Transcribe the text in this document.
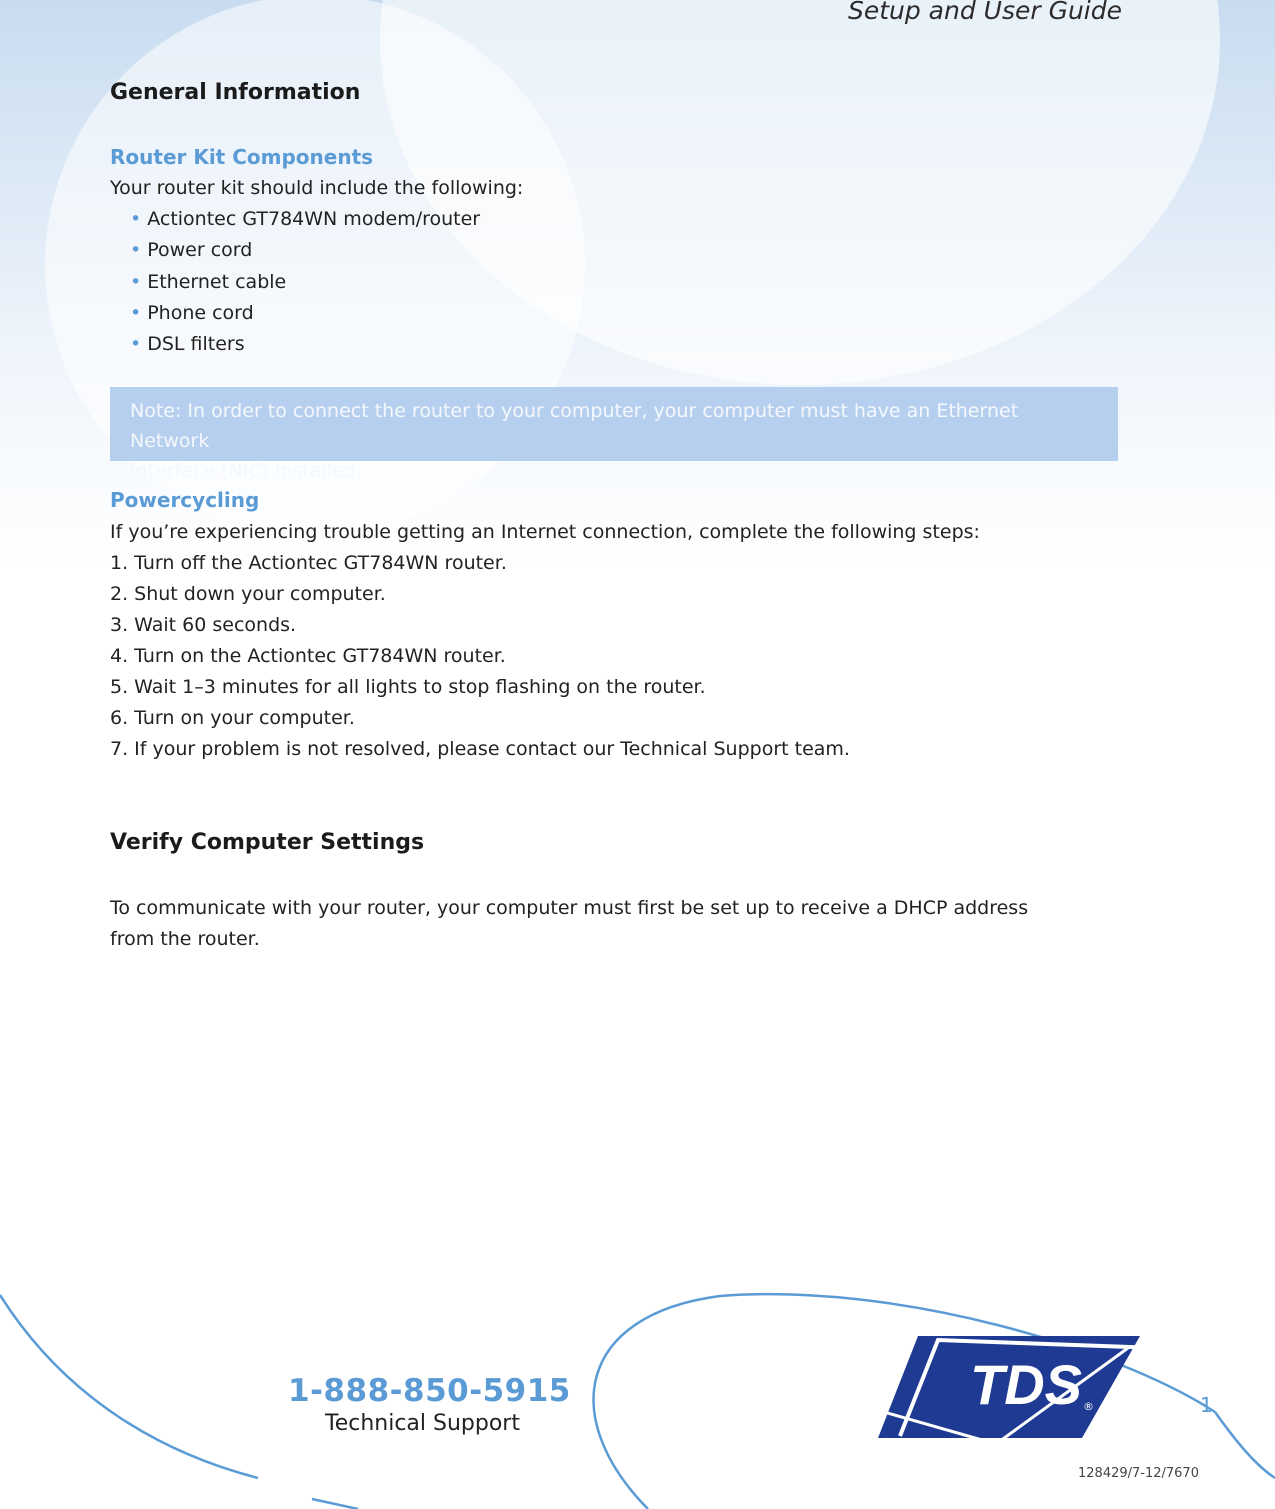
Setup and User Guide
General Information
Router Kit Components
Your router kit should include the following:
• Actiontec GT784WN modem/router
• Power cord
• Ethernet cable
• Phone cord
• DSL filters
Note: In order to connect the router to your computer, your computer must have an Ethernet Network
Interface (NIC) installed.
Powercycling
If you’re experiencing trouble getting an Internet connection, complete the following steps:
1. Turn off the Actiontec GT784WN router.
2. Shut down your computer.
3. Wait 60 seconds.
4. Turn on the Actiontec GT784WN router.
5. Wait 1–3 minutes for all lights to stop flashing on the router.
6. Turn on your computer.
7. If your problem is not resolved, please contact our Technical Support team.
Verify Computer Settings
To communicate with your router, your computer must first be set up to receive a DHCP address
from the router.
1-888-850-5915
Technical Support
TDS ®	1
128429/7-12/7670
